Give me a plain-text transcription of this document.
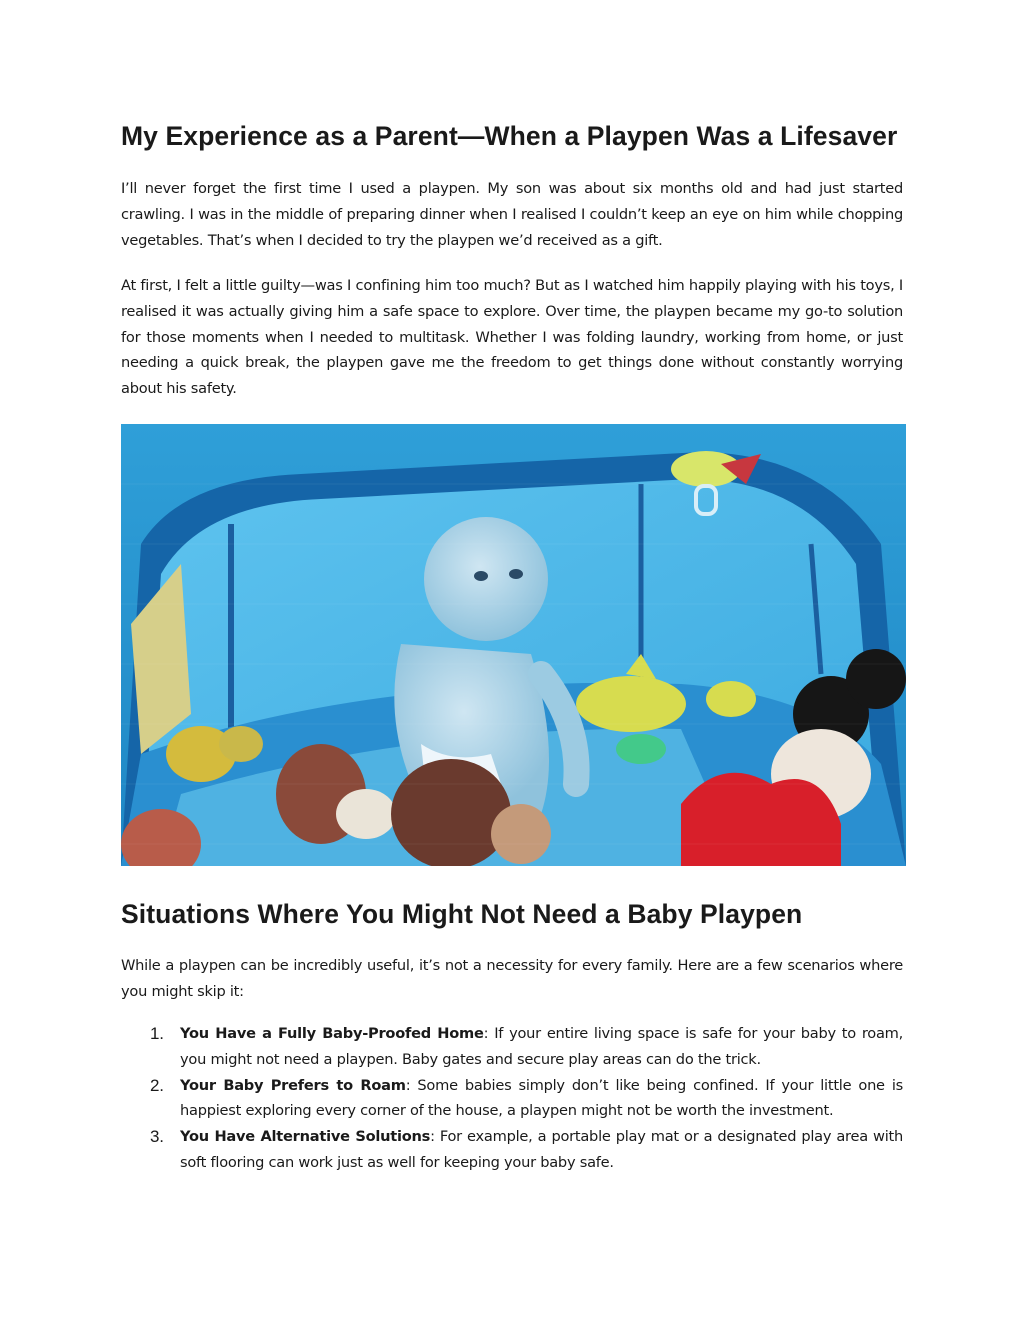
My Experience as a Parent—When a Playpen Was a Lifesaver

I’ll never forget the first time I used a playpen. My son was about six months old and had just started crawling. I was in the middle of preparing dinner when I realised I couldn’t keep an eye on him while chopping vegetables. That’s when I decided to try the playpen we’d received as a gift.

At first, I felt a little guilty—was I confining him too much? But as I watched him happily playing with his toys, I realised it was actually giving him a safe space to explore. Over time, the playpen became my go-to solution for those moments when I needed to multitask. Whether I was folding laundry, working from home, or just needing a quick break, the playpen gave me the freedom to get things done without constantly worrying about his safety.

Situations Where You Might Not Need a Baby Playpen

While a playpen can be incredibly useful, it’s not a necessity for every family. Here are a few scenarios where you might skip it:

1. You Have a Fully Baby-Proofed Home: If your entire living space is safe for your baby to roam, you might not need a playpen. Baby gates and secure play areas can do the trick.
2. Your Baby Prefers to Roam: Some babies simply don’t like being confined. If your little one is happiest exploring every corner of the house, a playpen might not be worth the investment.
3. You Have Alternative Solutions: For example, a portable play mat or a designated play area with soft flooring can work just as well for keeping your baby safe.
